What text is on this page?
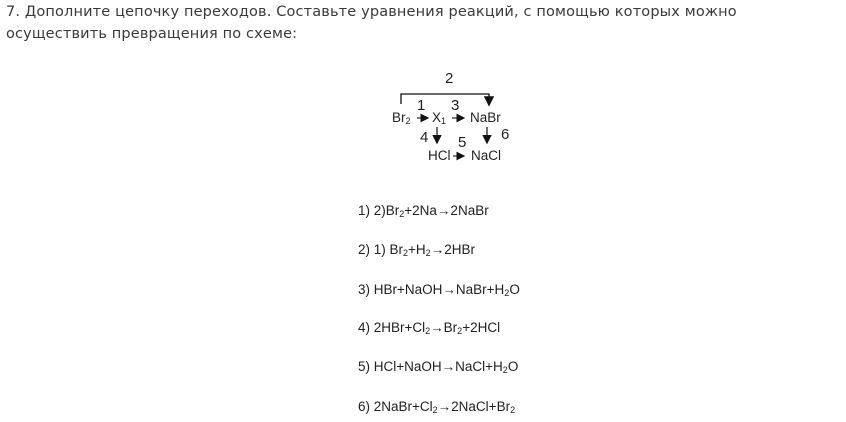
7. Дополните цепочку переходов. Составьте уравнения реакций, с помощью которых можно осуществить превращения по схеме:
2
1 3
4 5 6
$Br_2$ $X_1$ NaBr
HCl NaCl
1) $2)Br_2+2Na\to 2NaBr$
2) 1) $Br_2+H_2\to 2HBr$
3) $HBr+NaOH\to NaBr+H_2O$
4) $2HBr+Cl_2\to Br_2+2HCl$
5) $HCl+NaOH\to NaCl+H_2O$
6) $2NaBr+Cl_2\to 2NaCl+Br_2$
